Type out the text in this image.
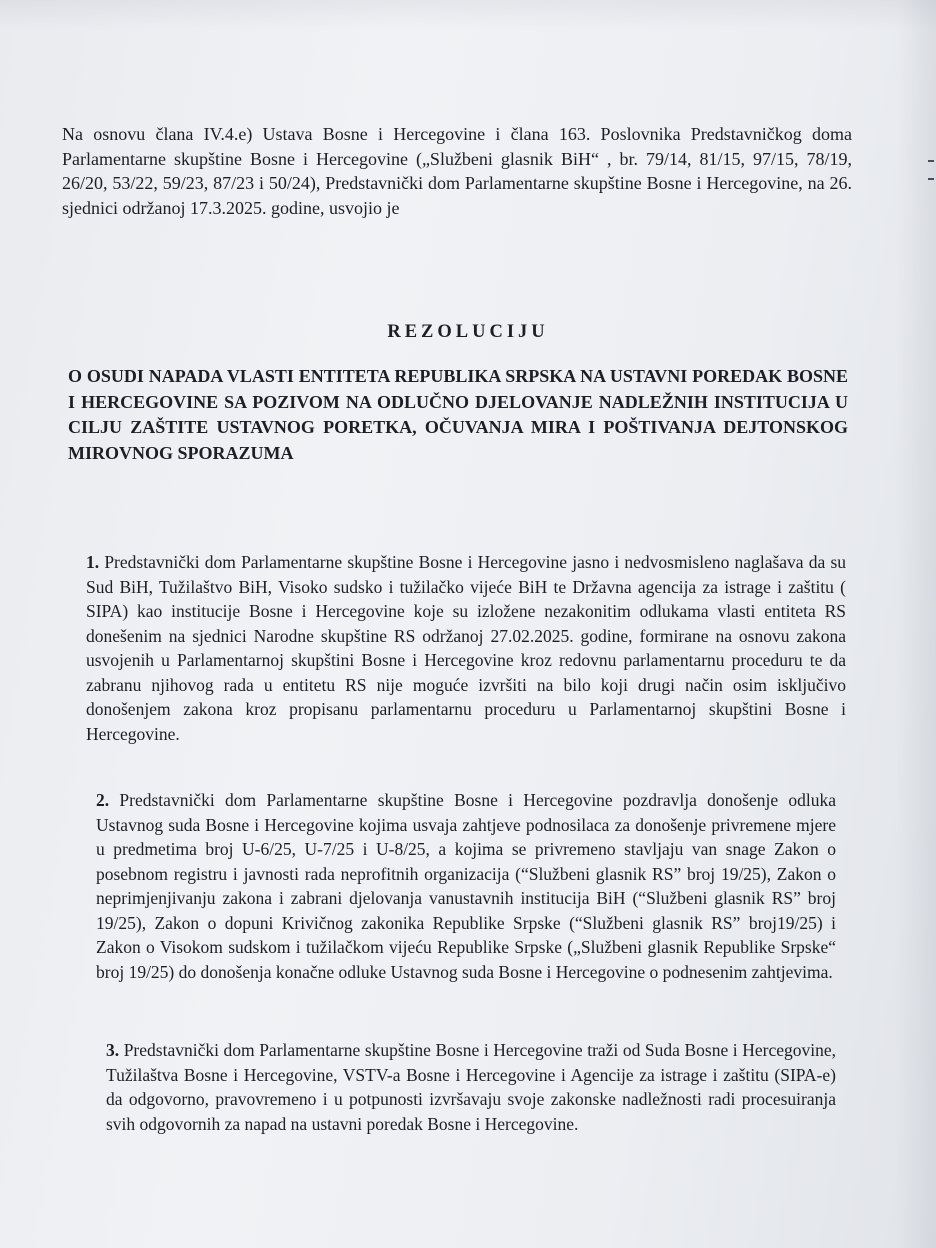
Na osnovu člana IV.4.e) Ustava Bosne i Hercegovine i člana 163. Poslovnika Predstavničkog doma Parlamentarne skupštine Bosne i Hercegovine („Službeni glasnik BiH“ , br. 79/14, 81/15, 97/15, 78/19, 26/20, 53/22, 59/23, 87/23 i 50/24), Predstavnički dom Parlamentarne skupštine Bosne i Hercegovine, na 26. sjednici održanoj 17.3.2025. godine, usvojio je

REZOLUCIJU
O OSUDI NAPADA VLASTI ENTITETA REPUBLIKA SRPSKA NA USTAVNI POREDAK BOSNE I HERCEGOVINE SA POZIVOM NA ODLUČNO DJELOVANJE NADLEŽNIH INSTITUCIJA U CILJU ZAŠTITE USTAVNOG PORETKA, OČUVANJA MIRA I POŠTIVANJA DEJTONSKOG MIROVNOG SPORAZUMA

1. Predstavnički dom Parlamentarne skupštine Bosne i Hercegovine jasno i nedvosmisleno naglašava da su Sud BiH, Tužilaštvo BiH, Visoko sudsko i tužilačko vijeće BiH te Državna agencija za istrage i zaštitu ( SIPA) kao institucije Bosne i Hercegovine koje su izložene nezakonitim odlukama vlasti entiteta RS donešenim na sjednici Narodne skupštine RS održanoj 27.02.2025. godine, formirane na osnovu zakona usvojenih u Parlamentarnoj skupštini Bosne i Hercegovine kroz redovnu parlamentarnu proceduru te da zabranu njihovog rada u entitetu RS nije moguće izvršiti na bilo koji drugi način osim isključivo donošenjem zakona kroz propisanu parlamentarnu proceduru u Parlamentarnoj skupštini Bosne i Hercegovine.

2. Predstavnički dom Parlamentarne skupštine Bosne i Hercegovine pozdravlja donošenje odluka Ustavnog suda Bosne i Hercegovine kojima usvaja zahtjeve podnosilaca za donošenje privremene mjere u predmetima broj U-6/25, U-7/25 i U-8/25, a kojima se privremeno stavljaju van snage Zakon o posebnom registru i javnosti rada neprofitnih organizacija (“Službeni glasnik RS” broj 19/25), Zakon o neprimjenjivanju zakona i zabrani djelovanja vanustavnih institucija BiH (“Službeni glasnik RS” broj 19/25), Zakon o dopuni Krivičnog zakonika Republike Srpske (“Službeni glasnik RS” broj19/25) i Zakon o Visokom sudskom i tužilačkom vijeću Republike Srpske („Službeni glasnik Republike Srpske“ broj 19/25) do donošenja konačne odluke Ustavnog suda Bosne i Hercegovine o podnesenim zahtjevima.

3. Predstavnički dom Parlamentarne skupštine Bosne i Hercegovine traži od Suda Bosne i Hercegovine, Tužilaštva Bosne i Hercegovine, VSTV-a Bosne i Hercegovine i Agencije za istrage i zaštitu (SIPA-e) da odgovorno, pravovremeno i u potpunosti izvršavaju svoje zakonske nadležnosti radi procesuiranja svih odgovornih za napad na ustavni poredak Bosne i Hercegovine.
